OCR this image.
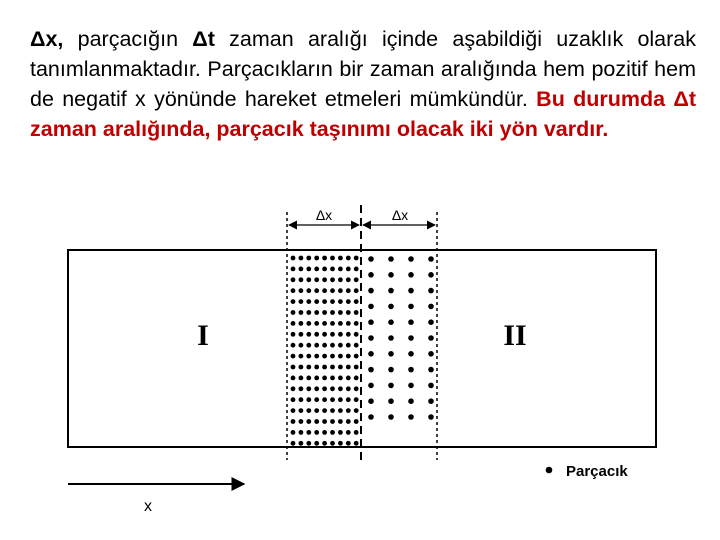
Δx, parçacığın Δt zaman aralığı içinde aşabildiği uzaklık olarak tanımlanmaktadır. Parçacıkların bir zaman aralığında hem pozitif hem de negatif x yönünde hareket etmeleri mümkündür. Bu durumda Δt zaman aralığında, parçacık taşınımı olacak iki yön vardır.
Δx	Δx
I	II
Parçacık
x
